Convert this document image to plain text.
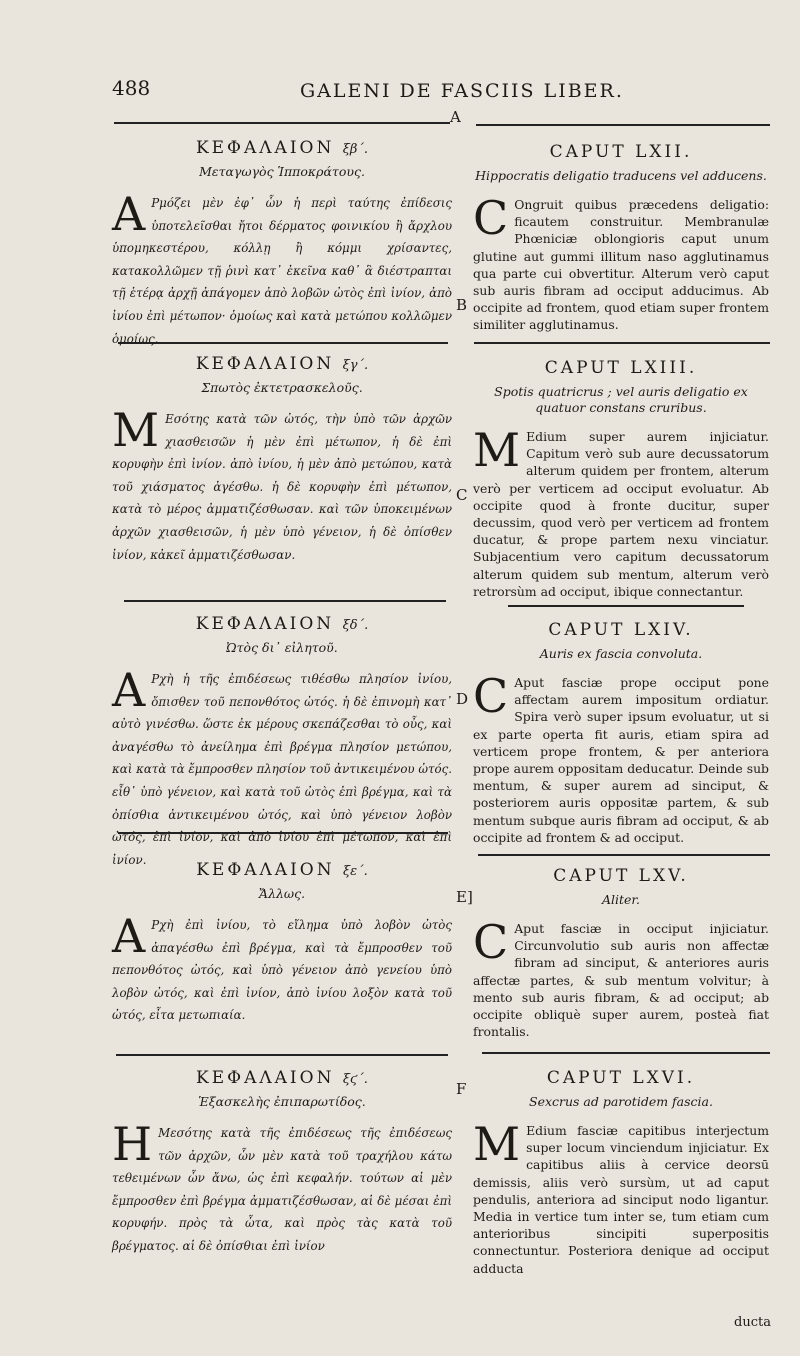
488	GALENI DE FASCIIS LIBER.
A
B
C
D
E]
F
ΚΕΦΑΛΑΙΟΝ ξβ΄.
Μεταγωγὸς Ἱπποκράτους.
A Ρμόζει μὲν ἐφ᾽ ὧν ἡ περὶ ταύτης ἐπίδεσις ὑποτελεῖσθαι ἤτοι δέρματος φοινικίου ἢ ἄρχλου ὑπομηκεστέρου, κόλλῃ ἢ κόμμι χρίσαντες, κατακολλῶμεν τῇ ῥινὶ κατ᾽ ἐκεῖνα καθ᾽ ἃ διέστραπται τῇ ἑτέρᾳ ἀρχῇ ἀπάγομεν ἀπὸ λοβῶν ὠτὸς ἐπὶ ἰνίον, ἀπὸ ἰνίου ἐπὶ μέτωπον· ὁμοίως καὶ κατὰ μετώπου κολλῶμεν ὁμοίως.
ΚΕΦΑΛΑΙΟΝ ξγ΄.
Σπωτὸς ἐκτετρασκελοῦς.
M Εσότης κατὰ τῶν ὠτός, τὴν ὑπὸ τῶν ἀρχῶν χιασθεισῶν ἡ μὲν ἐπὶ μέτωπον, ἡ δὲ ἐπὶ κορυφὴν ἐπὶ ἰνίον. ἀπὸ ἰνίου, ἡ μὲν ἀπὸ μετώπου, κατὰ τοῦ χιάσματος ἀγέσθω. ἡ δὲ κορυφὴν ἐπὶ μέτωπον, κατὰ τὸ μέρος ἀμματιζέσθωσαν. καὶ τῶν ὑποκειμένων ἀρχῶν χιασθεισῶν, ἡ μὲν ὑπὸ γένειον, ἡ δὲ ὀπίσθεν ἰνίον, κἀκεῖ ἀμματιζέσθωσαν.
ΚΕΦΑΛΑΙΟΝ ξδ΄.
Ὠτὸς δι᾽ εἰλητοῦ.
A Ρχὴ ἡ τῆς ἐπιδέσεως τιθέσθω πλησίον ἰνίου, ὄπισθεν τοῦ πεπονθότος ὠτός. ἡ δὲ ἐπινομὴ κατ᾽ αὐτὸ γινέσθω. ὥστε ἐκ μέρους σκεπάζεσθαι τὸ οὖς, καὶ ἀναγέσθω τὸ ἀνείλημα ἐπὶ βρέγμα πλησίον μετώπου, καὶ κατὰ τὰ ἔμπροσθεν πλησίον τοῦ ἀντικειμένου ὠτός. εἶθ᾽ ὑπὸ γένειον, καὶ κατὰ τοῦ ὠτὸς ἐπὶ βρέγμα, καὶ τὰ ὀπίσθια ἀντικειμένου ὠτός, καὶ ὑπὸ γένειον λοβὸν ὠτός, ἐπὶ ἰνίον, καὶ ἀπὸ ἰνίου ἐπὶ μέτωπον, καὶ ἐπὶ ἰνίον.
ΚΕΦΑΛΑΙΟΝ ξε΄.
Ἄλλως.
A Ρχὴ ἐπὶ ἰνίου, τὸ εἴλημα ὑπὸ λοβὸν ὠτὸς ἀπαγέσθω ἐπὶ βρέγμα, καὶ τὰ ἔμπροσθεν τοῦ πεπονθότος ὠτός, καὶ ὑπὸ γένειον ἀπὸ γενείου ὑπὸ λοβὸν ὠτός, καὶ ἐπὶ ἰνίον, ἀπὸ ἰνίου λοξὸν κατὰ τοῦ ὠτός, εἶτα μετωπιαία.
ΚΕΦΑΛΑΙΟΝ ξϛ΄.
Ἑξασκελὴς ἐπιπαρωτίδος.
H Μεσότης κατὰ τῆς ἐπιδέσεως τῆς ἐπιδέσεως τῶν ἀρχῶν, ὧν μὲν κατὰ τοῦ τραχήλου κάτω τεθειμένων ὧν ἄνω, ὡς ἐπὶ κεφαλήν. τούτων αἱ μὲν ἔμπροσθεν ἐπὶ βρέγμα ἀμματιζέσθωσαν, αἱ δὲ μέσαι ἐπὶ κορυφήν. πρὸς τὰ ὦτα, καὶ πρὸς τὰς κατὰ τοῦ βρέγματος. αἱ δὲ ὀπίσθιαι ἐπὶ ἰνίον
CAPUT LXII.
Hippocratis deligatio traducens vel adducens.
C Ongruit quibus præcedens deligatio: ficautem construitur. Membranulæ Phœniciæ oblongioris caput unum glutine aut gummi illitum naso agglutinamus qua parte cui obvertitur. Alterum verò caput sub auris fibram ad occiput adducimus. Ab occipite ad frontem, quod etiam super frontem similiter agglutinamus.
CAPUT LXIII.
Spotis quatricrus ; vel auris deligatio ex quatuor constans cruribus.
M Edium super aurem injiciatur. Capitum verò sub aure decussatorum alterum quidem per frontem, alterum verò per verticem ad occiput evoluatur. Ab occipite quod à fronte ducitur, super decussim, quod verò per verticem ad frontem ducatur, & prope partem nexu vinciatur. Subjacentium vero capitum decussatorum alterum quidem sub mentum, alterum verò retrorsùm ad occiput, ibique connectantur.
CAPUT LXIV.
Auris ex fascia convoluta.
C Aput fasciæ prope occiput pone affectam aurem impositum ordiatur. Spira verò super ipsum evoluatur, ut si ex parte operta fit auris, etiam spira ad verticem prope frontem, & per anteriora prope aurem oppositam deducatur. Deinde sub mentum, & super aurem ad sinciput, & posteriorem auris oppositæ partem, & sub mentum subque auris fibram ad occiput, & ab occipite ad frontem & ad occiput.
CAPUT LXV.
Aliter.
C Aput fasciæ in occiput injiciatur. Circunvolutio sub auris non affectæ fibram ad sinciput, & anteriores auris affectæ partes, & sub mentum volvitur; à mento sub auris fibram, & ad occiput; ab occipite obliquè super aurem, posteà fiat frontalis.
CAPUT LXVI.
Sexcrus ad parotidem fascia.
M Edium fasciæ capitibus interjectum super locum vinciendum injiciatur. Ex capitibus aliis à cervice deorsū demissis, aliis verò sursùm, ut ad caput pendulis, anteriora ad sinciput nodo ligantur. Media in vertice tum inter se, tum etiam cum anterioribus sincipiti superpositis connectuntur. Posteriora denique ad occiput adducta
ducta
